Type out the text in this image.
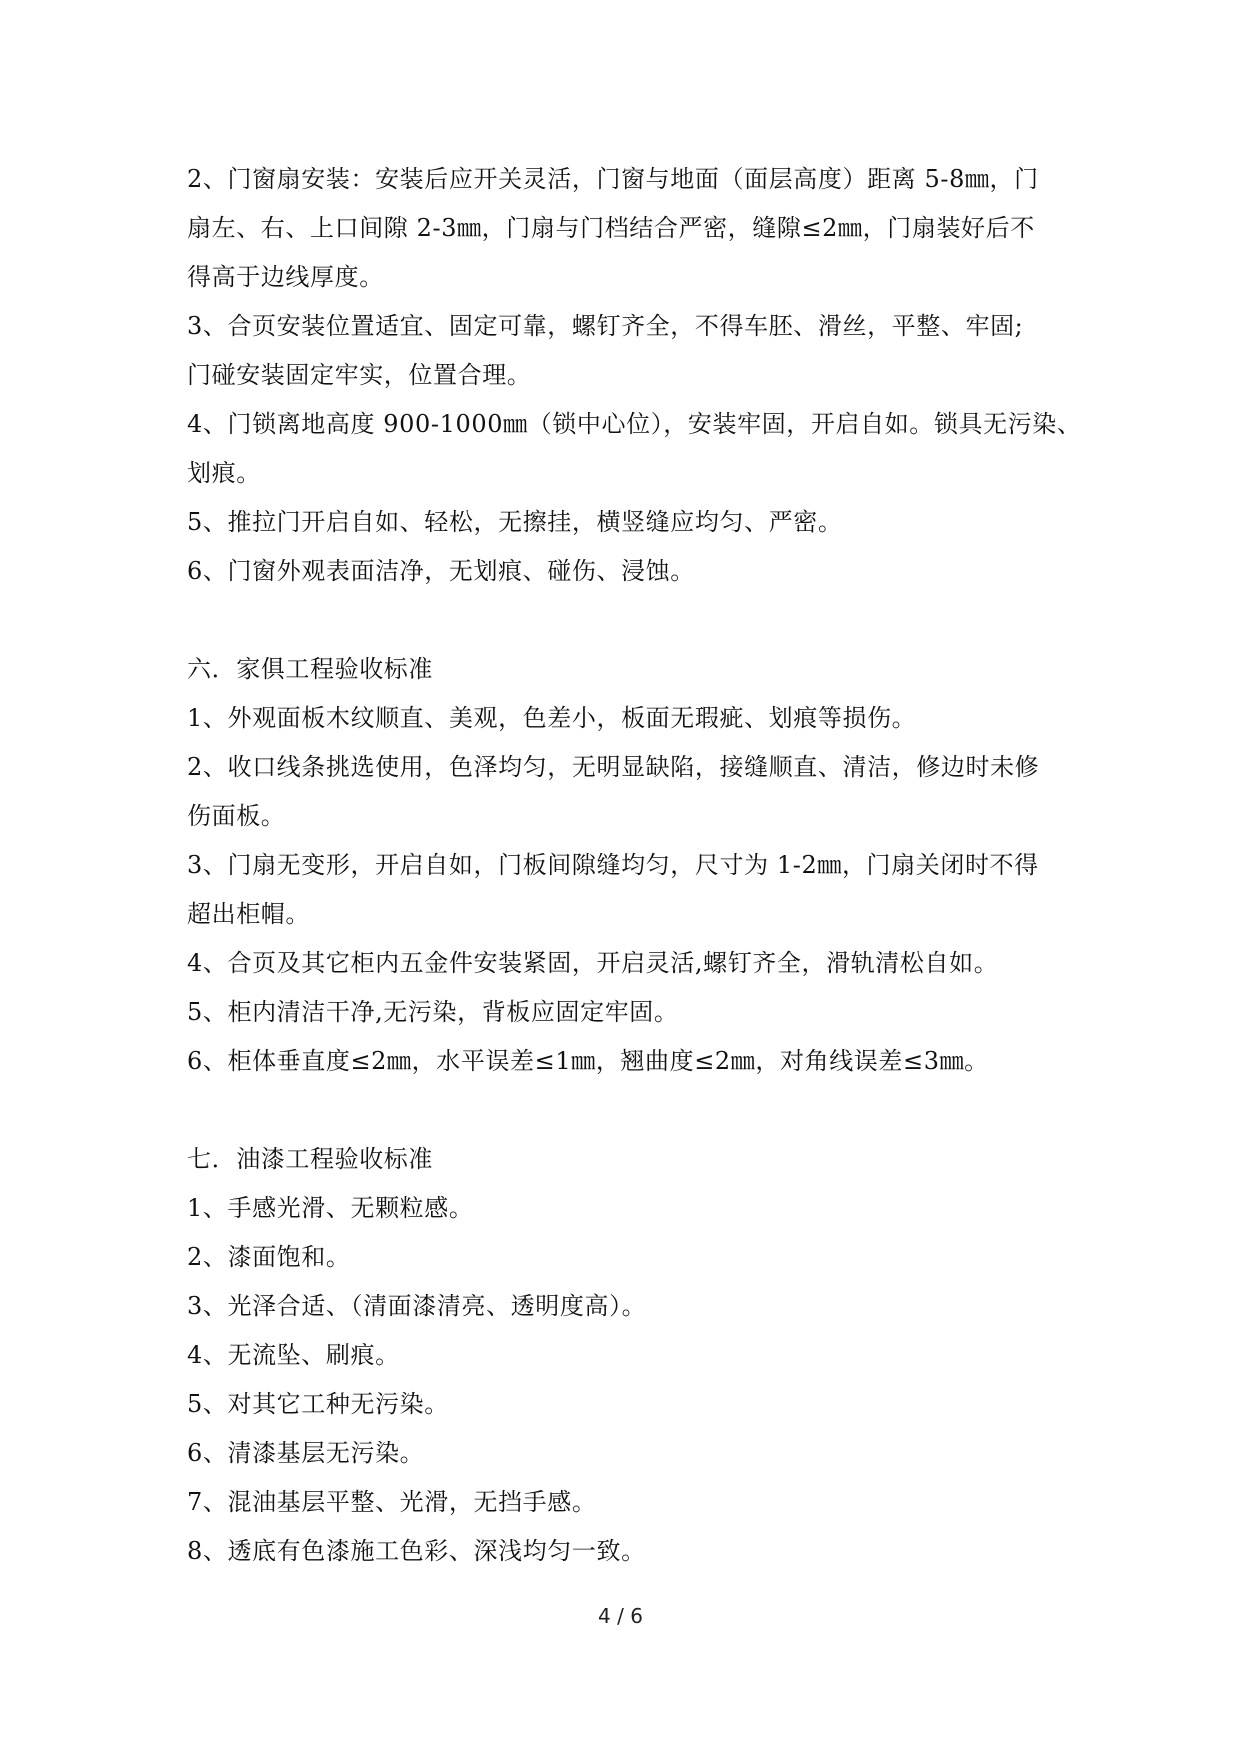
2、门窗扇安装：安装后应开关灵活，门窗与地面（面层高度）距离 5-8㎜，门
扇左、右、上口间隙 2-3㎜，门扇与门档结合严密，缝隙≤2㎜，门扇装好后不
得高于边线厚度。
3、合页安装位置适宜、固定可靠，螺钉齐全，不得车胚、滑丝，平整、牢固;
门碰安装固定牢实，位置合理。
4、门锁离地高度 900-1000㎜（锁中心位），安装牢固，开启自如。锁具无污染、
划痕。
5、推拉门开启自如、轻松，无擦挂，横竖缝应均匀、严密。
6、门窗外观表面洁净，无划痕、碰伤、浸蚀。
六．家俱工程验收标准
1、外观面板木纹顺直、美观，色差小，板面无瑕疵、划痕等损伤。
2、收口线条挑选使用，色泽均匀，无明显缺陷，接缝顺直、清洁，修边时未修
伤面板。
3、门扇无变形，开启自如，门板间隙缝均匀，尺寸为 1-2㎜，门扇关闭时不得
超出柜帽。
4、合页及其它柜内五金件安装紧固，开启灵活,螺钉齐全，滑轨清松自如。
5、柜内清洁干净,无污染，背板应固定牢固。
6、柜体垂直度≤2㎜，水平误差≤1㎜，翘曲度≤2㎜，对角线误差≤3㎜。
七．油漆工程验收标准
1、手感光滑、无颗粒感。
2、漆面饱和。
3、光泽合适、（清面漆清亮、透明度高）。
4、无流坠、刷痕。
5、对其它工种无污染。
6、清漆基层无污染。
7、混油基层平整、光滑，无挡手感。
8、透底有色漆施工色彩、深浅均匀一致。
4 / 6
